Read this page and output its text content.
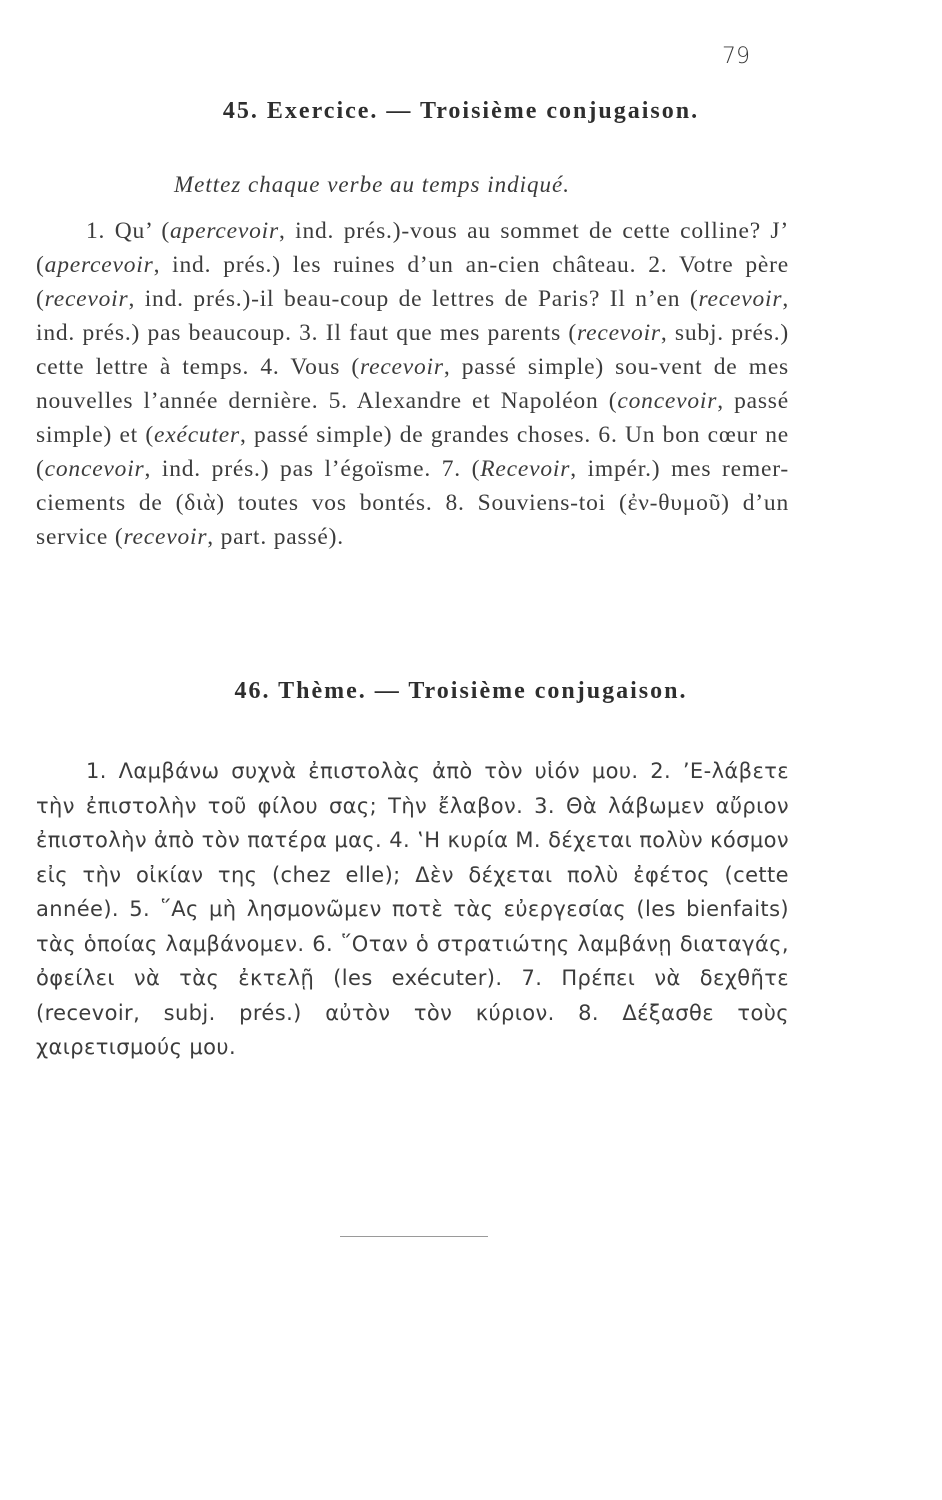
79
45. Exercice. — Troisième conjugaison.
Mettez chaque verbe au temps indiqué.

1. Qu’ (apercevoir, ind. prés.)-vous au sommet de cette colline? J’ (apercevoir, ind. prés.) les ruines d’un an-cien château. 2. Votre père (recevoir, ind. prés.)-il beau-coup de lettres de Paris? Il n’en (recevoir, ind. prés.) pas beaucoup. 3. Il faut que mes parents (recevoir, subj. prés.) cette lettre à temps. 4. Vous (recevoir, passé simple) sou-vent de mes nouvelles l’année dernière. 5. Alexandre et Napoléon (concevoir, passé simple) et (exécuter, passé simple) de grandes choses. 6. Un bon cœur ne (concevoir, ind. prés.) pas l’égoïsme. 7. (Recevoir, impér.) mes remer-ciements de (διὰ) toutes vos bontés. 8. Souviens-toi (ἐν-θυμοῦ) d’un service (recevoir, part. passé).

46. Thème. — Troisième conjugaison.

1. Λαμβάνω συχνὰ ἐπιστολὰς ἀπὸ τὸν υἱόν μου. 2. ’Ε-λάβετε τὴν ἐπιστολὴν τοῦ φίλου σας; Τὴν ἔλαβον. 3. Θὰ λάβωμεν αὔριον ἐπιστολὴν ἀπὸ τὸν πατέρα μας. 4. ‛Η κυρία Μ. δέχεται πολὺν κόσμον εἰς τὴν οἰκίαν της (chez elle); Δὲν δέχεται πολὺ ἐφέτος (cette année). 5. ῞Ας μὴ λησμονῶμεν ποτὲ τὰς εὐεργεσίας (les bienfaits) τὰς ὁποίας λαμβάνομεν. 6. ῞Οταν ὁ στρατιώτης λαμβάνῃ διαταγάς, ὀφείλει νὰ τὰς ἐκτελῇ (les exécuter). 7. Πρέπει νὰ δεχθῆτε (recevoir, subj. prés.) αὐτὸν τὸν κύριον. 8. Δέξασθε τοὺς χαιρετισμούς μου.
